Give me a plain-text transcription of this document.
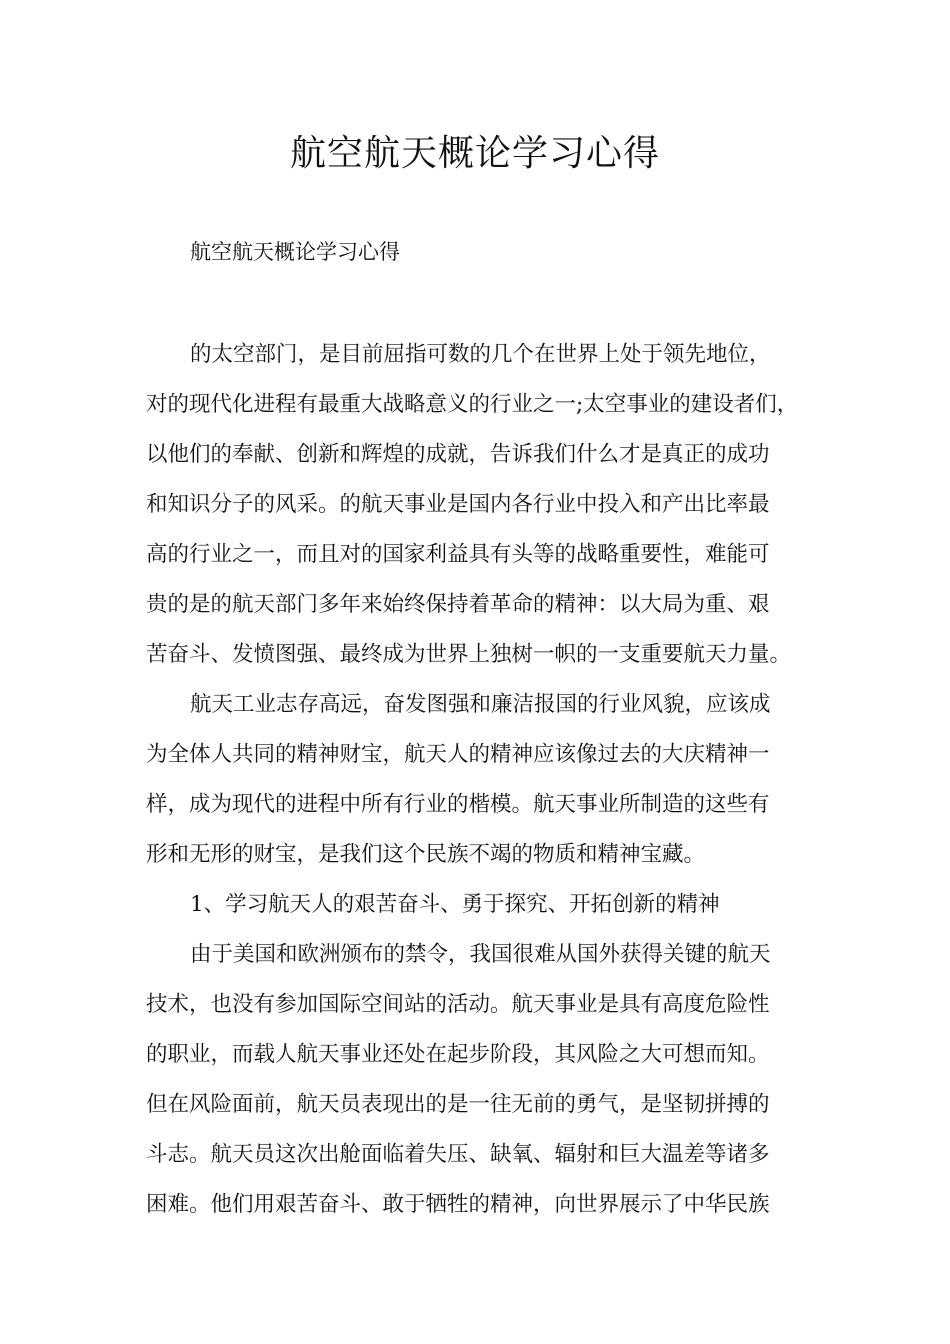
航空航天概论学习心得

航空航天概论学习心得

的太空部门，是目前屈指可数的几个在世界上处于领先地位，
对的现代化进程有最重大战略意义的行业之一;太空事业的建设者们，
以他们的奉献、创新和辉煌的成就，告诉我们什么才是真正的成功
和知识分子的风采。的航天事业是国内各行业中投入和产出比率最
高的行业之一，而且对的国家利益具有头等的战略重要性，难能可
贵的是的航天部门多年来始终保持着革命的精神：以大局为重、艰
苦奋斗、发愤图强、最终成为世界上独树一帜的一支重要航天力量。
航天工业志存高远，奋发图强和廉洁报国的行业风貌，应该成
为全体人共同的精神财宝，航天人的精神应该像过去的大庆精神一
样，成为现代的进程中所有行业的楷模。航天事业所制造的这些有
形和无形的财宝，是我们这个民族不竭的物质和精神宝藏。
1、学习航天人的艰苦奋斗、勇于探究、开拓创新的精神
由于美国和欧洲颁布的禁令，我国很难从国外获得关键的航天
技术，也没有参加国际空间站的活动。航天事业是具有高度危险性
的职业，而载人航天事业还处在起步阶段，其风险之大可想而知。
但在风险面前，航天员表现出的是一往无前的勇气，是坚韧拼搏的
斗志。航天员这次出舱面临着失压、缺氧、辐射和巨大温差等诸多
困难。他们用艰苦奋斗、敢于牺牲的精神，向世界展示了中华民族
